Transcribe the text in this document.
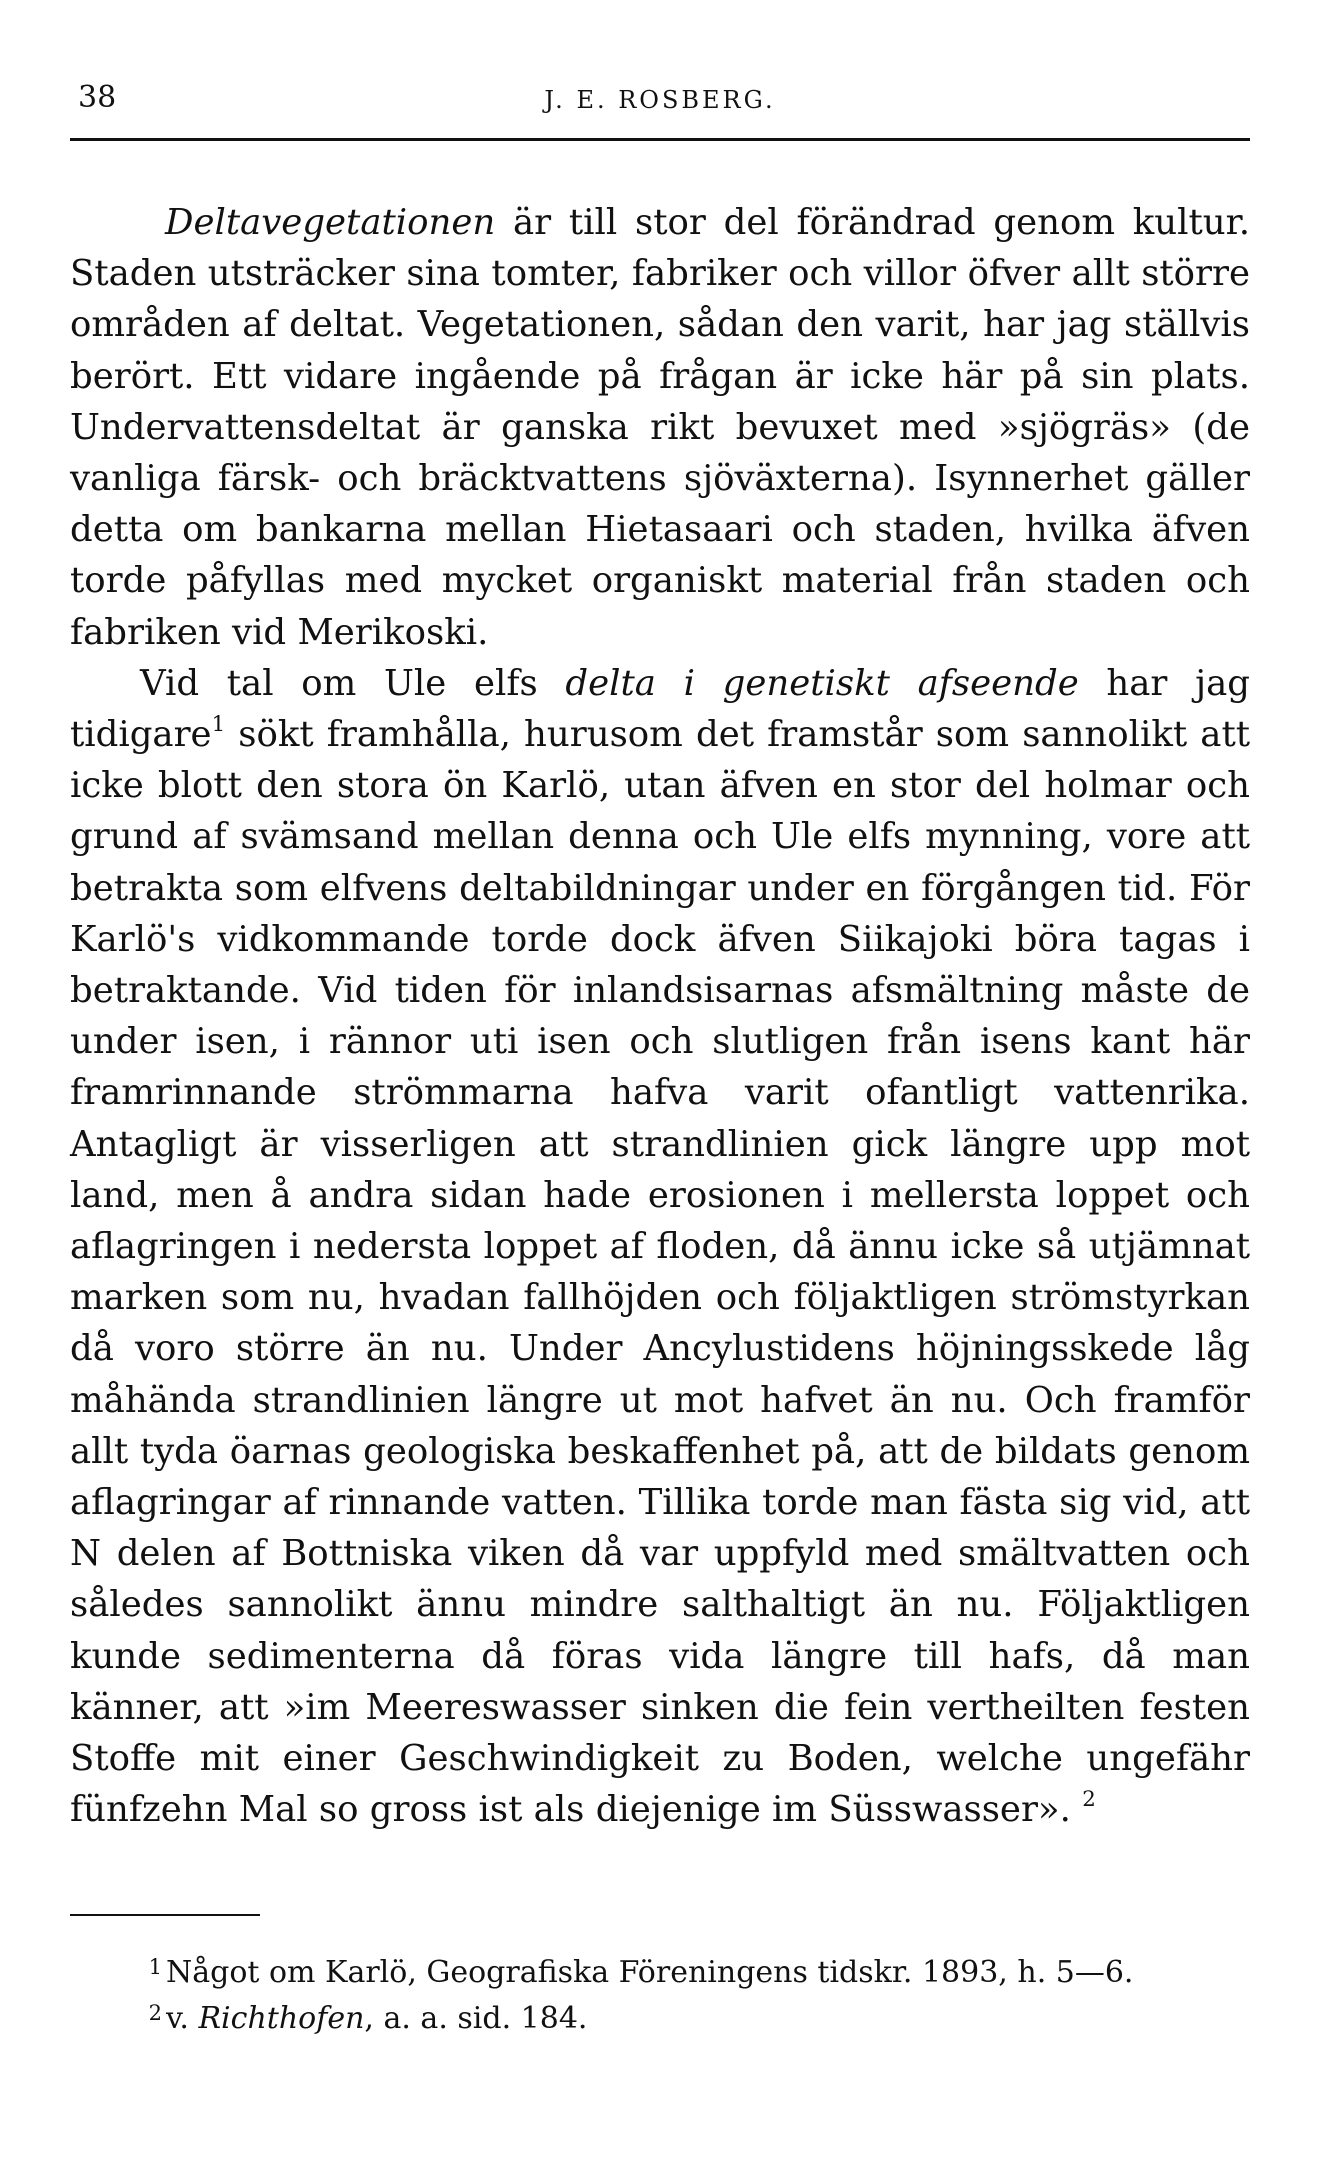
38	J. E. ROSBERG.

Deltavegetationen är till stor del förändrad genom kultur. Staden utsträcker sina tomter, fabriker och villor öfver allt större områden af deltat. Vegetationen, sådan den varit, har jag ställvis berört. Ett vidare ingående på frågan är icke här på sin plats. Undervattensdeltat är ganska rikt bevuxet med »sjögräs» (de vanliga färsk- och bräcktvattens sjöväxterna). Isynnerhet gäller detta om bankarna mellan Hietasaari och staden, hvilka äfven torde påfyllas med mycket organiskt material från staden och fabriken vid Merikoski.

Vid tal om Ule elfs delta i genetiskt afseende har jag tidigare$^1$ sökt framhålla, hurusom det framstår som sannolikt att icke blott den stora ön Karlö, utan äfven en stor del holmar och grund af svämsand mellan denna och Ule elfs mynning, vore att betrakta som elfvens deltabildningar under en förgången tid. För Karlö's vidkommande torde dock äfven Siikajoki böra tagas i betraktande. Vid tiden för inlandsisarnas afsmältning måste de under isen, i rännor uti isen och slutligen från isens kant här framrinnande strömmarna hafva varit ofantligt vattenrika. Antagligt är visserligen att strandlinien gick längre upp mot land, men å andra sidan hade erosionen i mellersta loppet och aflagringen i nedersta loppet af floden, då ännu icke så utjämnat marken som nu, hvadan fallhöjden och följaktligen strömstyrkan då voro större än nu. Under Ancylustidens höjningsskede låg måhända strandlinien längre ut mot hafvet än nu. Och framför allt tyda öarnas geologiska beskaffenhet på, att de bildats genom aflagringar af rinnande vatten. Tillika torde man fästa sig vid, att N delen af Bottniska viken då var uppfyld med smältvatten och således sannolikt ännu mindre salthaltigt än nu. Följaktligen kunde sedimenterna då föras vida längre till hafs, då man känner, att »im Meereswasser sinken die fein vertheilten festen Stoffe mit einer Geschwindigkeit zu Boden, welche ungefähr fünfzehn Mal so gross ist als diejenige im Süsswasser». $^2$

1 Något om Karlö, Geografiska Föreningens tidskr. 1893, h. 5—6.
2 v. Richthofen, a. a. sid. 184.
